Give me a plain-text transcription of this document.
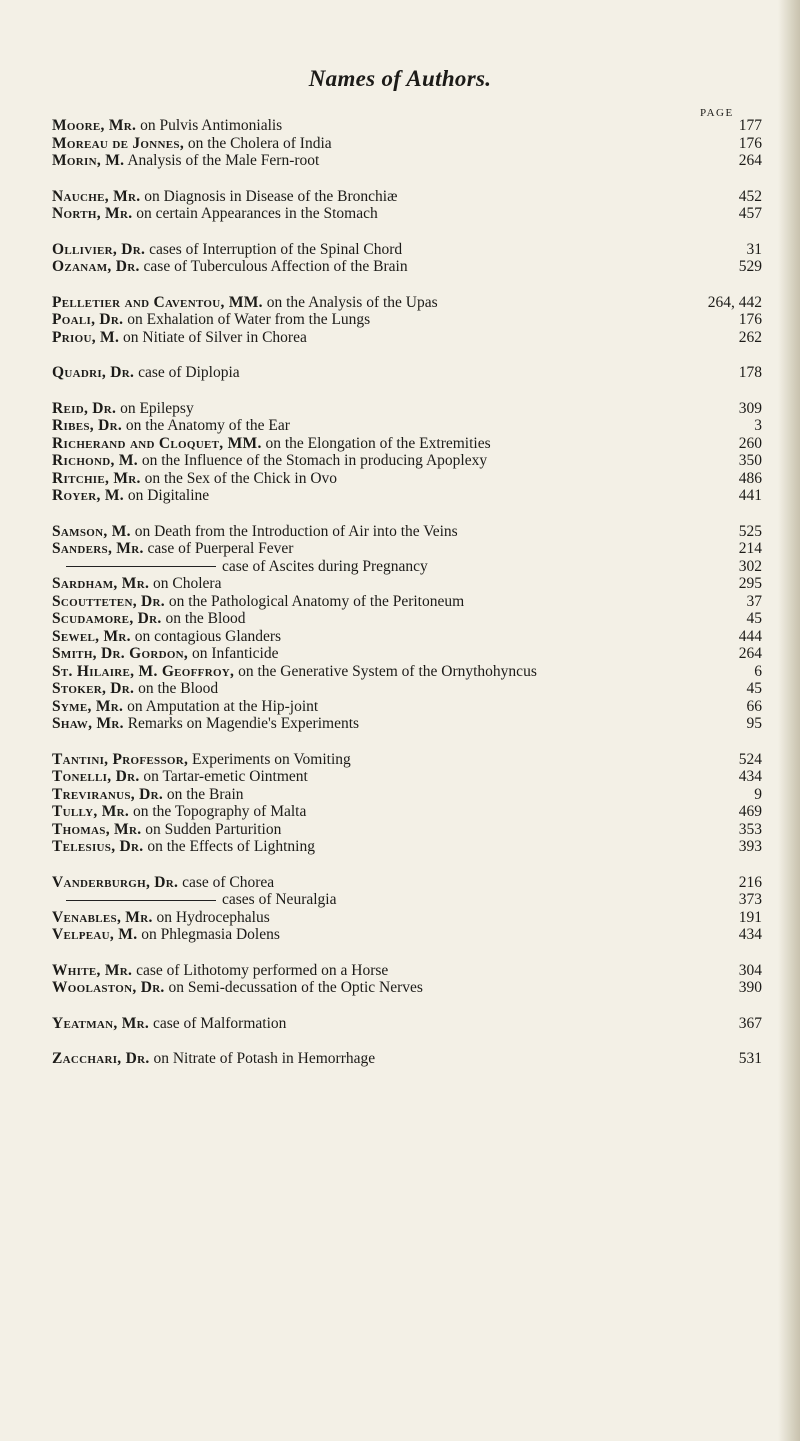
Names of Authors.
PAGE
Moore, Mr. on Pulvis Antimonialis	177
Moreau de Jonnes, on the Cholera of India	176
Morin, M. Analysis of the Male Fern-root	264
Nauche, Mr. on Diagnosis in Disease of the Bronchiæ	452
North, Mr. on certain Appearances in the Stomach	457
Ollivier, Dr. cases of Interruption of the Spinal Chord	31
Ozanam, Dr. case of Tuberculous Affection of the Brain	529
Pelletier and Caventou, MM. on the Analysis of the Upas	264, 442
Poali, Dr. on Exhalation of Water from the Lungs	176
Priou, M. on Nitiate of Silver in Chorea	262
Quadri, Dr. case of Diplopia	178
Reid, Dr. on Epilepsy	309
Ribes, Dr. on the Anatomy of the Ear	3
Richerand and Cloquet, MM. on the Elongation of the Extremities	260
Richond, M. on the Influence of the Stomach in producing Apoplexy	350
Ritchie, Mr. on the Sex of the Chick in Ovo	486
Royer, M. on Digitaline	441
Samson, M. on Death from the Introduction of Air into the Veins	525
Sanders, Mr. case of Puerperal Fever	214
case of Ascites during Pregnancy	302
Sardham, Mr. on Cholera	295
Scoutteten, Dr. on the Pathological Anatomy of the Peritoneum	37
Scudamore, Dr. on the Blood	45
Sewel, Mr. on contagious Glanders	444
Smith, Dr. Gordon, on Infanticide	264
St. Hilaire, M. Geoffroy, on the Generative System of the Ornythohyncus	6
Stoker, Dr. on the Blood	45
Syme, Mr. on Amputation at the Hip-joint	66
Shaw, Mr. Remarks on Magendie's Experiments	95
Tantini, Professor, Experiments on Vomiting	524
Tonelli, Dr. on Tartar-emetic Ointment	434
Treviranus, Dr. on the Brain	9
Tully, Mr. on the Topography of Malta	469
Thomas, Mr. on Sudden Parturition	353
Telesius, Dr. on the Effects of Lightning	393
Vanderburgh, Dr. case of Chorea	216
cases of Neuralgia	373
Venables, Mr. on Hydrocephalus	191
Velpeau, M. on Phlegmasia Dolens	434
White, Mr. case of Lithotomy performed on a Horse	304
Woolaston, Dr. on Semi-decussation of the Optic Nerves	390
Yeatman, Mr. case of Malformation	367
Zacchari, Dr. on Nitrate of Potash in Hemorrhage	531
